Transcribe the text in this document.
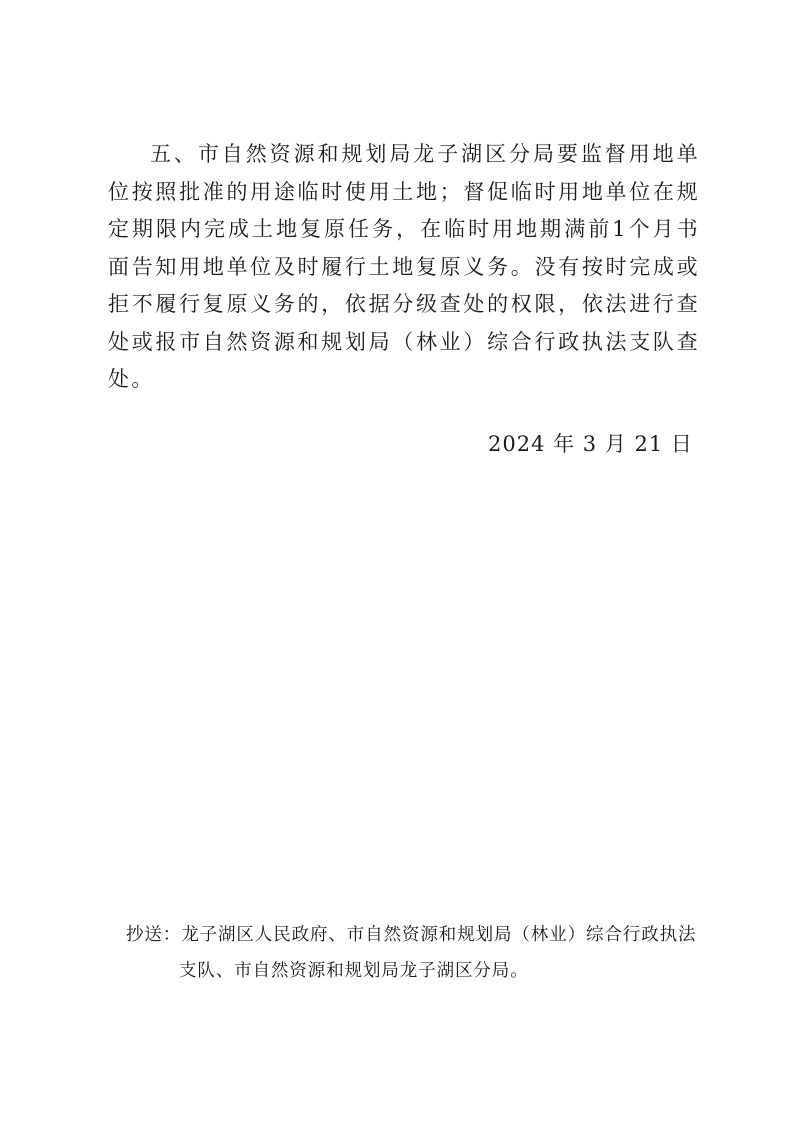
五、市自然资源和规划局龙子湖区分局要监督用地单位按照批准的用途临时使用土地；督促临时用地单位在规定期限内完成土地复原任务，在临时用地期满前1个月书面告知用地单位及时履行土地复原义务。没有按时完成或拒不履行复原义务的，依据分级查处的权限，依法进行查处或报市自然资源和规划局（林业）综合行政执法支队查处。

2024 年 3 月 21 日

抄送：龙子湖区人民政府、市自然资源和规划局（林业）综合行政执法
支队、市自然资源和规划局龙子湖区分局。
